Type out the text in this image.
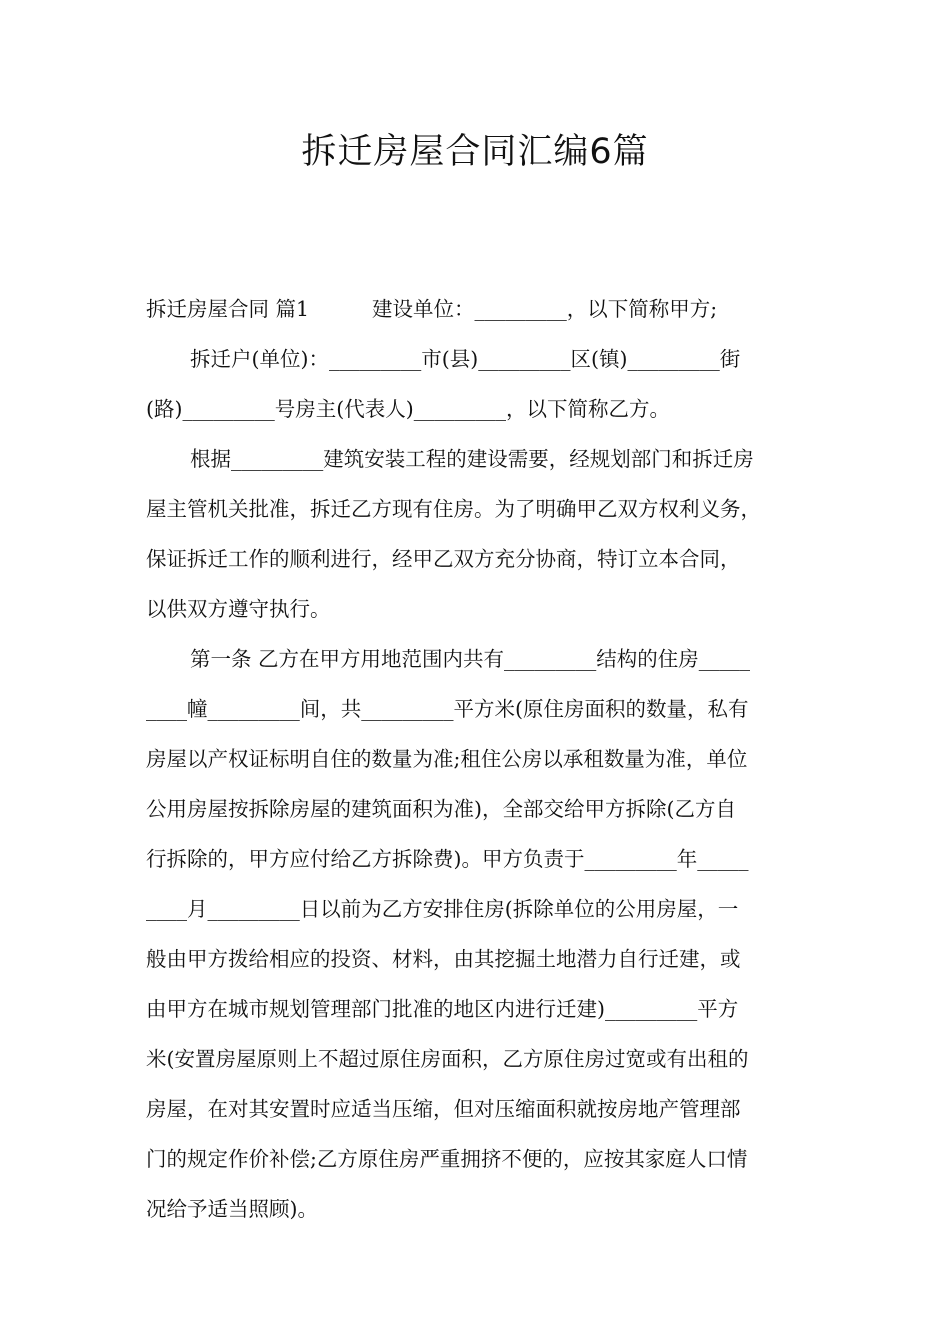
拆迁房屋合同汇编6篇
拆迁房屋合同 篇1	建设单位：_________，以下简称甲方;
拆迁户(单位)：_________市(县)_________区(镇)_________街
(路)_________号房主(代表人)_________，以下简称乙方。
根据_________建筑安装工程的建设需要，经规划部门和拆迁房
屋主管机关批准，拆迁乙方现有住房。为了明确甲乙双方权利义务，
保证拆迁工作的顺利进行，经甲乙双方充分协商，特订立本合同，
以供双方遵守执行。
第一条 乙方在甲方用地范围内共有_________结构的住房_____
____幢_________间，共_________平方米(原住房面积的数量，私有
房屋以产权证标明自住的数量为准;租住公房以承租数量为准，单位
公用房屋按拆除房屋的建筑面积为准)，全部交给甲方拆除(乙方自
行拆除的，甲方应付给乙方拆除费)。甲方负责于_________年_____
____月_________日以前为乙方安排住房(拆除单位的公用房屋，一
般由甲方拨给相应的投资、材料，由其挖掘土地潜力自行迁建，或
由甲方在城市规划管理部门批准的地区内进行迁建)_________平方
米(安置房屋原则上不超过原住房面积，乙方原住房过宽或有出租的
房屋，在对其安置时应适当压缩，但对压缩面积就按房地产管理部
门的规定作价补偿;乙方原住房严重拥挤不便的，应按其家庭人口情
况给予适当照顾)。
